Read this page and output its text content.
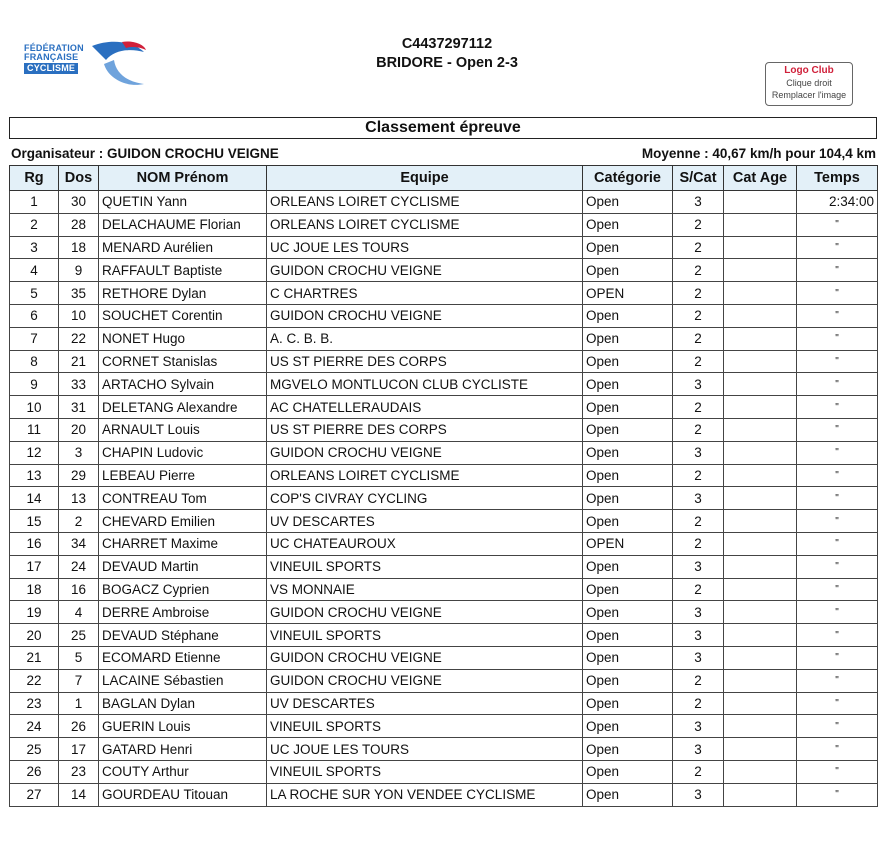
FÉDÉRATION
FRANÇAISE
CYCLISME
C4437297112
BRIDORE - Open 2-3	Logo Club
Clique droit
Remplacer l'image
Classement épreuve
Organisateur : GUIDON CROCHU VEIGNE	Moyenne : 40,67 km/h pour 104,4 km
Rg	Dos	NOM Prénom	Equipe	Catégorie	S/Cat	Cat Age	Temps
1	30	QUETIN Yann	ORLEANS LOIRET CYCLISME	Open	3		2:34:00
2	28	DELACHAUME Florian	ORLEANS LOIRET CYCLISME	Open	2		"
3	18	MENARD Aurélien	UC JOUE LES TOURS	Open	2		"
4	9	RAFFAULT Baptiste	GUIDON CROCHU VEIGNE	Open	2		"
5	35	RETHORE Dylan	C CHARTRES	OPEN	2		"
6	10	SOUCHET Corentin	GUIDON CROCHU VEIGNE	Open	2		"
7	22	NONET Hugo	A. C. B. B.	Open	2		"
8	21	CORNET Stanislas	US ST PIERRE DES CORPS	Open	2		"
9	33	ARTACHO Sylvain	MGVELO MONTLUCON CLUB CYCLISTE	Open	3		"
10	31	DELETANG Alexandre	AC CHATELLERAUDAIS	Open	2		"
11	20	ARNAULT Louis	US ST PIERRE DES CORPS	Open	2		"
12	3	CHAPIN Ludovic	GUIDON CROCHU VEIGNE	Open	3		"
13	29	LEBEAU Pierre	ORLEANS LOIRET CYCLISME	Open	2		"
14	13	CONTREAU Tom	COP'S CIVRAY CYCLING	Open	3		"
15	2	CHEVARD Emilien	UV DESCARTES	Open	2		"
16	34	CHARRET Maxime	UC CHATEAUROUX	OPEN	2		"
17	24	DEVAUD Martin	VINEUIL SPORTS	Open	3		"
18	16	BOGACZ Cyprien	VS MONNAIE	Open	2		"
19	4	DERRE Ambroise	GUIDON CROCHU VEIGNE	Open	3		"
20	25	DEVAUD Stéphane	VINEUIL SPORTS	Open	3		"
21	5	ECOMARD Etienne	GUIDON CROCHU VEIGNE	Open	3		"
22	7	LACAINE Sébastien	GUIDON CROCHU VEIGNE	Open	2		"
23	1	BAGLAN Dylan	UV DESCARTES	Open	2		"
24	26	GUERIN Louis	VINEUIL SPORTS	Open	3		"
25	17	GATARD Henri	UC JOUE LES TOURS	Open	3		"
26	23	COUTY Arthur	VINEUIL SPORTS	Open	2		"
27	14	GOURDEAU Titouan	LA ROCHE SUR YON VENDEE CYCLISME	Open	3		"
